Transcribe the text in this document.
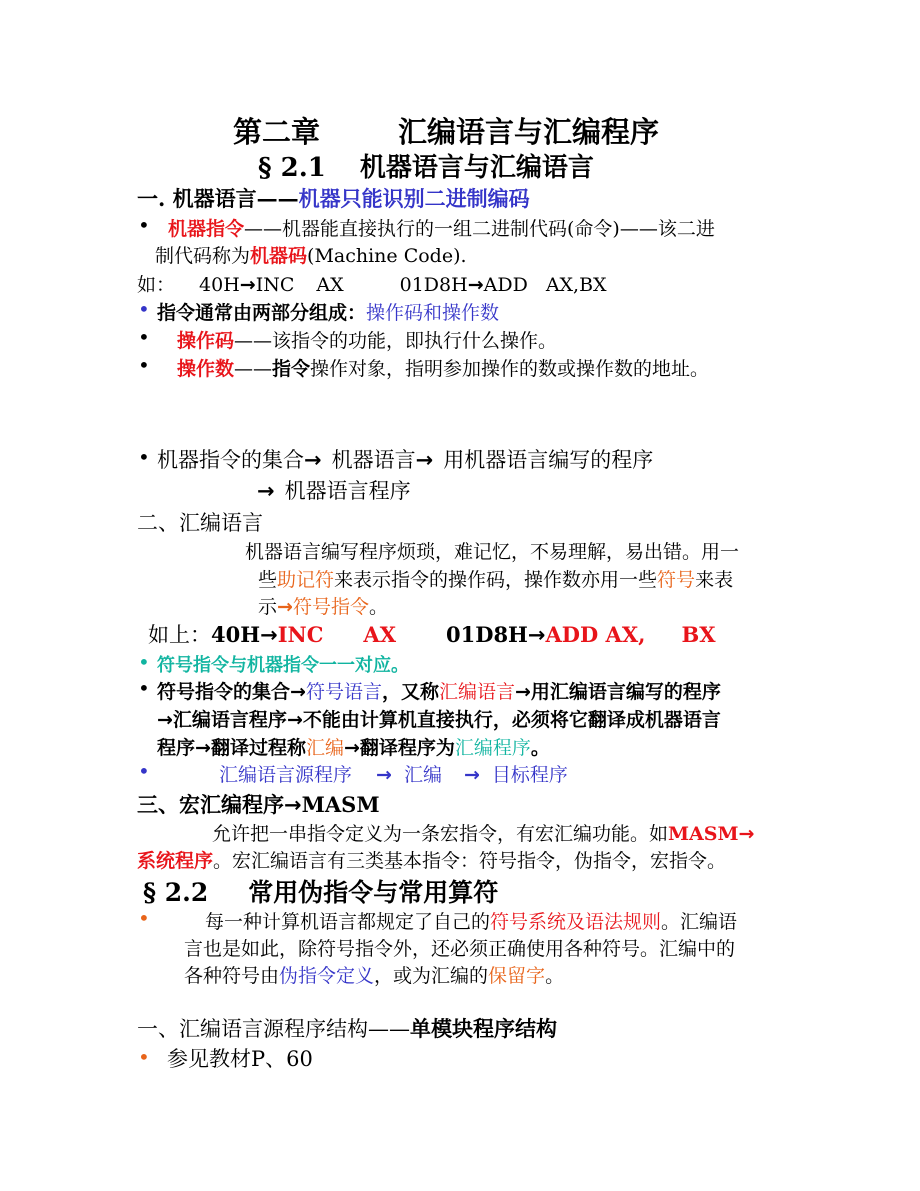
第二章	汇编语言与汇编程序
§ 2.1 机器语言与汇编语言
一. 机器语言——机器只能识别二进制编码
• 机器指令——机器能直接执行的一组二进制代码(命令)——该二进
制代码称为机器码(Machine Code).
如： 40H→INC AX	01D8H→ADD AX,BX
• 指令通常由两部分组成：操作码和操作数
• 操作码——该指令的功能，即执行什么操作。
• 操作数——指令操作对象，指明参加操作的数或操作数的地址。
• 机器指令的集合→ 机器语言→ 用机器语言编写的程序
→ 机器语言程序
二、汇编语言
机器语言编写程序烦琐，难记忆，不易理解，易出错。用一
些助记符来表示指令的操作码，操作数亦用一些符号来表
示→符号指令。
如上：40H→INC AX 01D8H→ADD AX, BX
• 符号指令与机器指令一一对应。
• 符号指令的集合→符号语言，又称汇编语言→用汇编语言编写的程序
→汇编语言程序→不能由计算机直接执行，必须将它翻译成机器语言
程序→翻译过程称汇编→翻译程序为汇编程序。
•	汇编语言源程序 → 汇编 → 目标程序
三、宏汇编程序→MASM
允许把一串指令定义为一条宏指令，有宏汇编功能。如MASM→
系统程序。宏汇编语言有三类基本指令：符号指令，伪指令，宏指令。
§ 2.2 常用伪指令与常用算符
•	每一种计算机语言都规定了自己的符号系统及语法规则。汇编语
言也是如此，除符号指令外，还必须正确使用各种符号。汇编中的
各种符号由伪指令定义，或为汇编的保留字。
一、汇编语言源程序结构——单模块程序结构
• 参见教材P、60
